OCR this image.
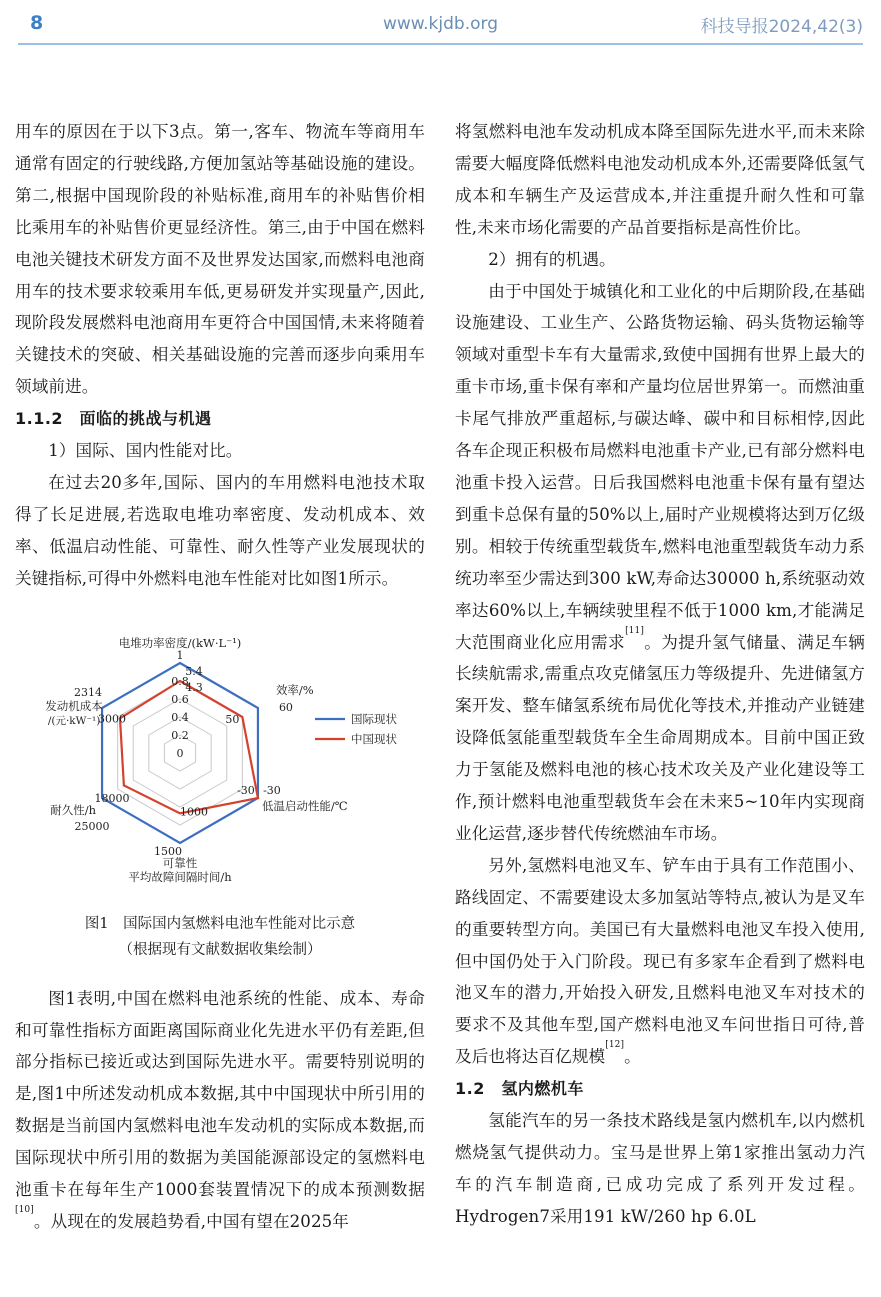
8	www.kjdb.org	科技导报2024,42(3)

用车的原因在于以下3点。第一,客车、物流车等商用车通常有固定的行驶线路,方便加氢站等基础设施的建设。第二,根据中国现阶段的补贴标准,商用车的补贴售价相比乘用车的补贴售价更显经济性。第三,由于中国在燃料电池关键技术研发方面不及世界发达国家,而燃料电池商用车的技术要求较乘用车低,更易研发并实现量产,因此,现阶段发展燃料电池商用车更符合中国国情,未来将随着关键技术的突破、相关基础设施的完善而逐步向乘用车领域前进。

1.1.2　面临的挑战与机遇

1）国际、国内性能对比。

在过去20多年,国际、国内的车用燃料电池技术取得了长足进展,若选取电堆功率密度、发动机成本、效率、低温启动性能、可靠性、耐久性等产业发展现状的关键指标,可得中外燃料电池车性能对比如图1所示。

0
0.2
0.4
0.6
0.8
1
电堆功率密度/(kW·L⁻¹)
5.4
4.3	效率/%
60
50
-30
-30
低温启动性能/℃
1500
1000
可靠性
平均故障间隔时间/h
18000
耐久性/h
25000
2314
发动机成本
/(元·kW⁻¹)
3000	国际现状
中国现状
图1　国际国内氢燃料电池车性能对比示意
（根据现有文献数据收集绘制）

图1表明,中国在燃料电池系统的性能、成本、寿命和可靠性指标方面距离国际商业化先进水平仍有差距,但部分指标已接近或达到国际先进水平。需要特别说明的是,图1中所述发动机成本数据,其中中国现状中所引用的数据是当前国内氢燃料电池车发动机的实际成本数据,而国际现状中所引用的数据为美国能源部设定的氢燃料电池重卡在每年生产1000套装置情况下的成本预测数据[10]。从现在的发展趋势看,中国有望在2025年

将氢燃料电池车发动机成本降至国际先进水平,而未来除需要大幅度降低燃料电池发动机成本外,还需要降低氢气成本和车辆生产及运营成本,并注重提升耐久性和可靠性,未来市场化需要的产品首要指标是高性价比。

2）拥有的机遇。

由于中国处于城镇化和工业化的中后期阶段,在基础设施建设、工业生产、公路货物运输、码头货物运输等领域对重型卡车有大量需求,致使中国拥有世界上最大的重卡市场,重卡保有率和产量均位居世界第一。而燃油重卡尾气排放严重超标,与碳达峰、碳中和目标相悖,因此各车企现正积极布局燃料电池重卡产业,已有部分燃料电池重卡投入运营。日后我国燃料电池重卡保有量有望达到重卡总保有量的50%以上,届时产业规模将达到万亿级别。相较于传统重型载货车,燃料电池重型载货车动力系统功率至少需达到300 kW,寿命达30000 h,系统驱动效率达60%以上,车辆续驶里程不低于1000 km,才能满足大范围商业化应用需求[11]。为提升氢气储量、满足车辆长续航需求,需重点攻克储氢压力等级提升、先进储氢方案开发、整车储氢系统布局优化等技术,并推动产业链建设降低氢能重型载货车全生命周期成本。目前中国正致力于氢能及燃料电池的核心技术攻关及产业化建设等工作,预计燃料电池重型载货车会在未来5~10年内实现商业化运营,逐步替代传统燃油车市场。

另外,氢燃料电池叉车、铲车由于具有工作范围小、路线固定、不需要建设太多加氢站等特点,被认为是叉车的重要转型方向。美国已有大量燃料电池叉车投入使用,但中国仍处于入门阶段。现已有多家车企看到了燃料电池叉车的潜力,开始投入研发,且燃料电池叉车对技术的要求不及其他车型,国产燃料电池叉车问世指日可待,普及后也将达百亿规模[12]。

1.2　氢内燃机车

氢能汽车的另一条技术路线是氢内燃机车,以内燃机燃烧氢气提供动力。宝马是世界上第1家推出氢动力汽车的汽车制造商,已成功完成了系列开发过程。Hydrogen7采用191 kW/260 hp 6.0L
